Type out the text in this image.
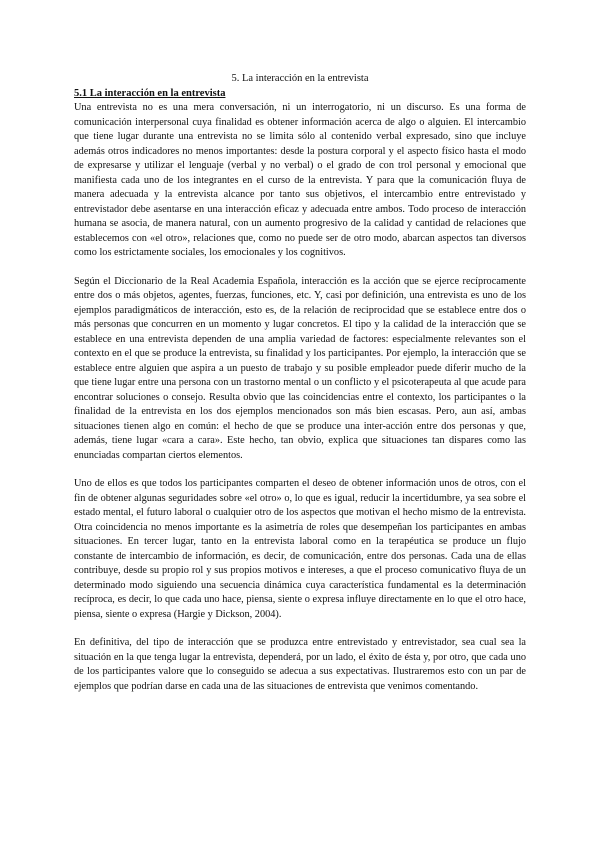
5. La interacción en la entrevista
5.1 La interacción en la entrevista

Una entrevista no es una mera conversación, ni un interrogatorio, ni un discurso. Es una forma de comunicación interpersonal cuya finalidad es obtener información acerca de algo o alguien. El intercambio que tiene lugar durante una entrevista no se limita sólo al contenido verbal expresado, sino que incluye además otros indicadores no menos importantes: desde la postura corporal y el aspecto físico hasta el modo de expresarse y utilizar el lenguaje (verbal y no verbal) o el grado de con trol personal y emocional que manifiesta cada uno de los integrantes en el curso de la entrevista. Y para que la comunicación fluya de manera adecuada y la entrevista alcance por tanto sus objetivos, el intercambio entre entrevistado y entrevistador debe asentarse en una interacción eficaz y adecuada entre ambos. Todo proceso de interacción humana se asocia, de manera natural, con un aumento progresivo de la calidad y cantidad de relaciones que establecemos con «el otro», relaciones que, como no puede ser de otro modo, abarcan aspectos tan diversos como los estrictamente sociales, los emocionales y los cognitivos.

Según el Diccionario de la Real Academia Española, interacción es la acción que se ejerce recíprocamente entre dos o más objetos, agentes, fuerzas, funciones, etc. Y, casi por definición, una entrevista es uno de los ejemplos paradigmáticos de interacción, esto es, de la relación de reciprocidad que se establece entre dos o más personas que concurren en un momento y lugar concretos. El tipo y la calidad de la interacción que se establece en una entrevista dependen de una amplia variedad de factores: especialmente relevantes son el contexto en el que se produce la entrevista, su finalidad y los participantes. Por ejemplo, la interacción que se establece entre alguien que aspira a un puesto de trabajo y su posible empleador puede diferir mucho de la que tiene lugar entre una persona con un trastorno mental o un conflicto y el psicoterapeuta al que acude para encontrar soluciones o consejo. Resulta obvio que las coincidencias entre el contexto, los participantes o la finalidad de la entrevista en los dos ejemplos mencionados son más bien escasas. Pero, aun así, ambas situaciones tienen algo en común: el hecho de que se produce una inter-acción entre dos personas y que, además, tiene lugar «cara a cara». Este hecho, tan obvio, explica que situaciones tan dispares como las enunciadas compartan ciertos elementos.

Uno de ellos es que todos los participantes comparten el deseo de obtener información unos de otros, con el fin de obtener algunas seguridades sobre «el otro» o, lo que es igual, reducir la incertidumbre, ya sea sobre el estado mental, el futuro laboral o cualquier otro de los aspectos que motivan el hecho mismo de la entrevista. Otra coincidencia no menos importante es la asimetría de roles que desempeñan los participantes en ambas situaciones. En tercer lugar, tanto en la entrevista laboral como en la terapéutica se produce un flujo constante de intercambio de información, es decir, de comunicación, entre dos personas. Cada una de ellas contribuye, desde su propio rol y sus propios motivos e intereses, a que el proceso comunicativo fluya de un determinado modo siguiendo una secuencia dinámica cuya característica fundamental es la determinación recíproca, es decir, lo que cada uno hace, piensa, siente o expresa influye directamente en lo que el otro hace, piensa, siente o expresa (Hargie y Dickson, 2004).

En definitiva, del tipo de interacción que se produzca entre entrevistado y entrevistador, sea cual sea la situación en la que tenga lugar la entrevista, dependerá, por un lado, el éxito de ésta y, por otro, que cada uno de los participantes valore que lo conseguido se adecua a sus expectativas. Ilustraremos esto con un par de ejemplos que podrían darse en cada una de las situaciones de entrevista que venimos comentando.
